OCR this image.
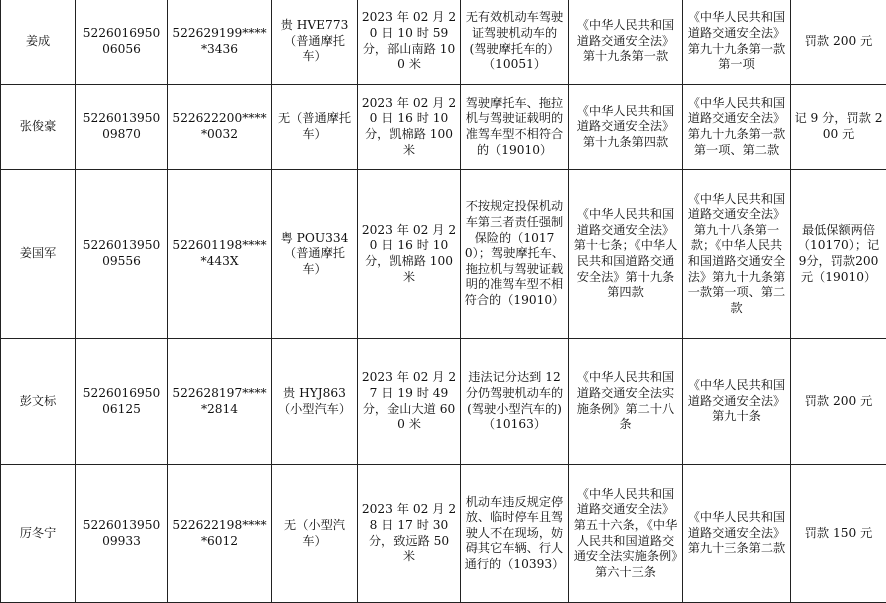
姜成	522601695006056	522629199*****3436	贵 HVE773（普通摩托车）	2023 年 02 月 20 日 10 时 59 分，部山南路 100 米	无有效机动车驾驶证驾驶机动车的(驾驶摩托车的）（10051）	《中华人民共和国道路交通安全法》第十九条第一款	《中华人民共和国道路交通安全法》第九十九条第一款第一项	罚款 200 元
张俊豪	522601395009870	522622200*****0032	无（普通摩托车）	2023 年 02 月 20 日 16 时 10 分，凯棉路 100 米	驾驶摩托车、拖拉机与驾驶证载明的准驾车型不相符合的（19010）	《中华人民共和国道路交通安全法》第十九条第四款	《中华人民共和国道路交通安全法》第九十九条第一款第一项、第二款	记 9 分，罚款 200 元
姜国军	522601395009556	522601198*****443X	粤 POU334（普通摩托车）	2023 年 02 月 20 日 16 时 10 分，凯棉路 100 米	不按规定投保机动车第三者责任强制保险的（10170）；驾驶摩托车、拖拉机与驾驶证载明的准驾车型不相符合的（19010）	《中华人民共和国道路交通安全法》第十七条；《中华人民共和国道路交通安全法》第十九条第四款	《中华人民共和国道路交通安全法》第九十八条第一款；《中华人民共和国道路交通安全法》第九十九条第一款第一项、第二款	最低保额两倍（10170）；记9分，罚款200元（19010）
彭文标	522601695006125	522628197*****2814	贵 HYJ863（小型汽车）	2023 年 02 月 27 日 19 时 49 分，金山大道 600 米	违法记分达到 12 分仍驾驶机动车的(驾驶小型汽车的)（10163）	《中华人民共和国道路交通安全法实施条例》第二十八条	《中华人民共和国道路交通安全法》第九十条	罚款 200 元
厉冬宁	522601395009933	522622198*****6012	无（小型汽车）	2023 年 02 月 28 日 17 时 30 分，致远路 50 米	机动车违反规定停放、临时停车且驾驶人不在现场，妨碍其它车辆、行人通行的（10393）	《中华人民共和国道路交通安全法》第五十六条，《中华人民共和国道路交通安全法实施条例》第六十三条	《中华人民共和国道路交通安全法》第九十三条第二款	罚款 150 元
